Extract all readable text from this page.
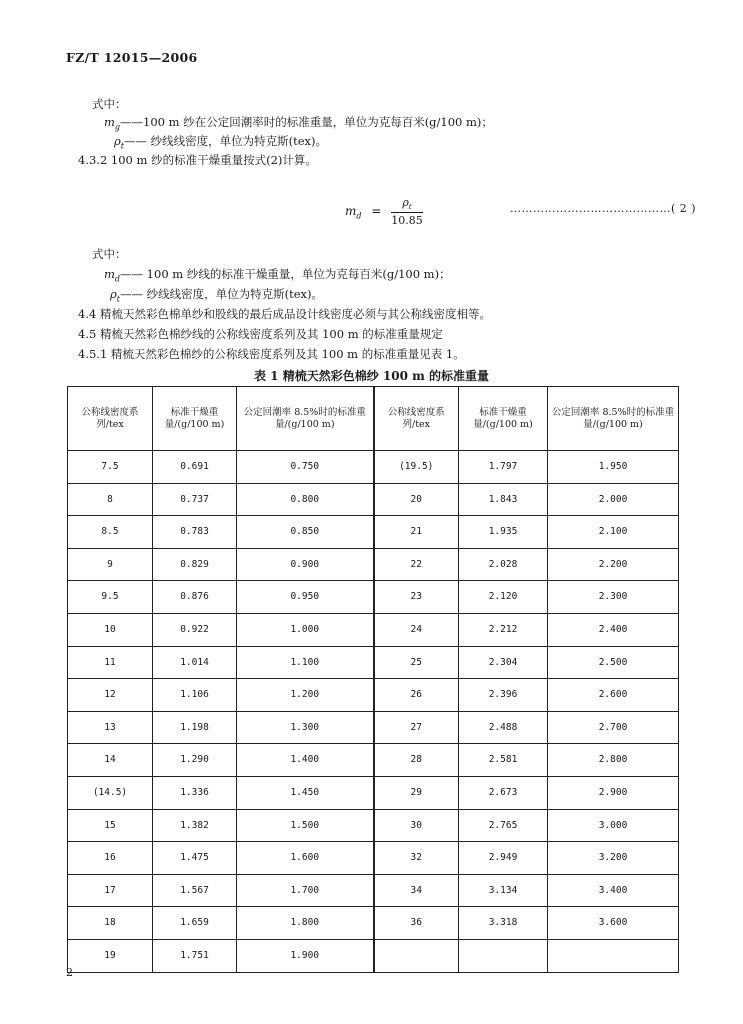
FZ/T 12015—2006
式中：
$m_g——100$ m 纱在公定回潮率时的标准重量，单位为克每百米(g/100 m)；
$\rho_t——$ 纱线线密度，单位为特克斯(tex)。
4.3.2 100 m 纱的标准干燥重量按式(2)计算。
$m_d = \frac{\rho_t}{10.85}$	……………………………………( 2 )
式中：
$m_d——$ 100 m 纱线的标准干燥重量，单位为克每百米(g/100 m)；
$\rho_t——$ 纱线线密度，单位为特克斯(tex)。
4.4 精梳天然彩色棉单纱和股线的最后成品设计线密度必须与其公称线密度相等。
4.5 精梳天然彩色棉纱线的公称线密度系列及其 100 m 的标准重量规定
4.5.1 精梳天然彩色棉纱的公称线密度系列及其 100 m 的标准重量见表 1。
表 1 精梳天然彩色棉纱 100 m 的标准重量
公称线密度系列/tex	标准干燥重量/(g/100 m)	公定回潮率 8.5%时的标准重量/(g/100 m)	公称线密度系列/tex	标准干燥重量/(g/100 m)	公定回潮率 8.5%时的标准重量/(g/100 m)
7.5	0.691	0.750	(19.5)	1.797	1.950
8	0.737	0.800	20	1.843	2.000
8.5	0.783	0.850	21	1.935	2.100
9	0.829	0.900	22	2.028	2.200
9.5	0.876	0.950	23	2.120	2.300
10	0.922	1.000	24	2.212	2.400
11	1.014	1.100	25	2.304	2.500
12	1.106	1.200	26	2.396	2.600
13	1.198	1.300	27	2.488	2.700
14	1.290	1.400	28	2.581	2.800
(14.5)	1.336	1.450	29	2.673	2.900
15	1.382	1.500	30	2.765	3.000
16	1.475	1.600	32	2.949	3.200
17	1.567	1.700	34	3.134	3.400
18	1.659	1.800	36	3.318	3.600
19	1.751	1.900			
2
